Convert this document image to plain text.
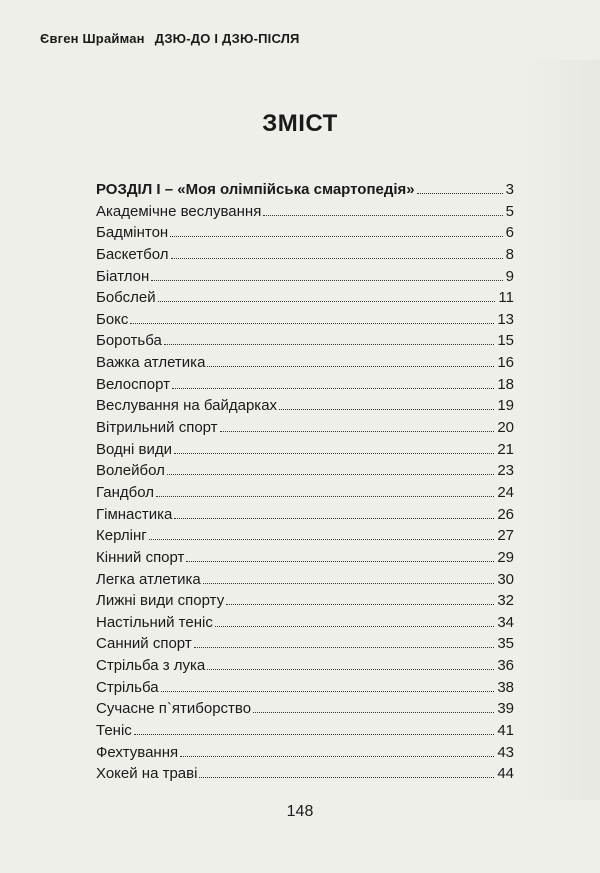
Євген Шрайман ДЗЮ-ДО І ДЗЮ-ПІСЛЯ
ЗМІСТ
РОЗДІЛ І – «Моя олімпійська смартопедія»	3
Академічне веслування	5
Бадмінтон	6
Баскетбол	8
Біатлон	9
Бобслей	11
Бокс	13
Боротьба	15
Важка атлетика	16
Велоспорт	18
Веслування на байдарках	19
Вітрильний спорт	20
Водні види	21
Волейбол	23
Гандбол	24
Гімнастика	26
Керлінг	27
Кінний спорт	29
Легка атлетика	30
Лижні види спорту	32
Настільний теніс	34
Санний спорт	35
Стрільба з лука	36
Стрільба	38
Сучасне п`ятиборство	39
Теніс	41
Фехтування	43
Хокей на траві	44
148
